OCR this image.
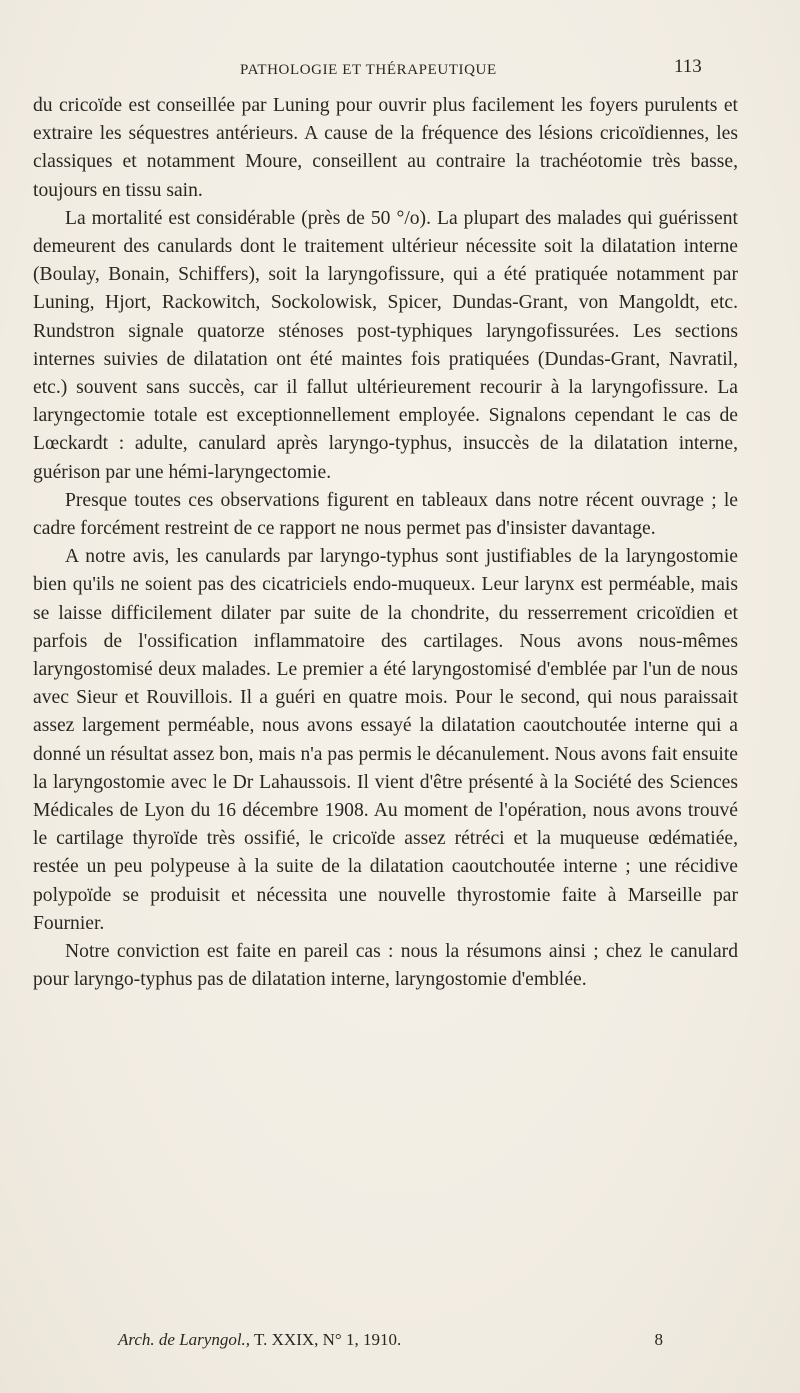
PATHOLOGIE ET THÉRAPEUTIQUE	113

du cricoïde est conseillée par Luning pour ouvrir plus facilement les foyers purulents et extraire les séquestres antérieurs. A cause de la fréquence des lésions cricoïdiennes, les classiques et notamment Moure, conseillent au contraire la trachéotomie très basse, toujours en tissu sain.

La mortalité est considérable (près de 50 °/o). La plupart des malades qui guérissent demeurent des canulards dont le traitement ultérieur nécessite soit la dilatation interne (Boulay, Bonain, Schiffers), soit la laryngofissure, qui a été pratiquée notamment par Luning, Hjort, Rackowitch, Sockolowisk, Spicer, Dundas-Grant, von Mangoldt, etc. Rundstron signale quatorze sténoses post-typhiques laryngofissurées. Les sections internes suivies de dilatation ont été maintes fois pratiquées (Dundas-Grant, Navratil, etc.) souvent sans succès, car il fallut ultérieurement recourir à la laryngofissure. La laryngectomie totale est exceptionnellement employée. Signalons cependant le cas de Lœckardt : adulte, canulard après laryngo-typhus, insuccès de la dilatation interne, guérison par une hémi-laryngectomie.

Presque toutes ces observations figurent en tableaux dans notre récent ouvrage ; le cadre forcément restreint de ce rapport ne nous permet pas d'insister davantage.

A notre avis, les canulards par laryngo-typhus sont justifiables de la laryngostomie bien qu'ils ne soient pas des cicatriciels endo-muqueux. Leur larynx est perméable, mais se laisse difficilement dilater par suite de la chondrite, du resserrement cricoïdien et parfois de l'ossification inflammatoire des cartilages. Nous avons nous-mêmes laryngostomisé deux malades. Le premier a été laryngostomisé d'emblée par l'un de nous avec Sieur et Rouvillois. Il a guéri en quatre mois. Pour le second, qui nous paraissait assez largement perméable, nous avons essayé la dilatation caoutchoutée interne qui a donné un résultat assez bon, mais n'a pas permis le décanulement. Nous avons fait ensuite la laryngostomie avec le Dr Lahaussois. Il vient d'être présenté à la Société des Sciences Médicales de Lyon du 16 décembre 1908. Au moment de l'opération, nous avons trouvé le cartilage thyroïde très ossifié, le cricoïde assez rétréci et la muqueuse œdématiée, restée un peu polypeuse à la suite de la dilatation caoutchoutée interne ; une récidive polypoïde se produisit et nécessita une nouvelle thyrostomie faite à Marseille par Fournier.

Notre conviction est faite en pareil cas : nous la résumons ainsi ; chez le canulard pour laryngo-typhus pas de dilatation interne, laryngostomie d'emblée.

Arch. de Laryngol., T. XXIX, N° 1, 1910.	8
